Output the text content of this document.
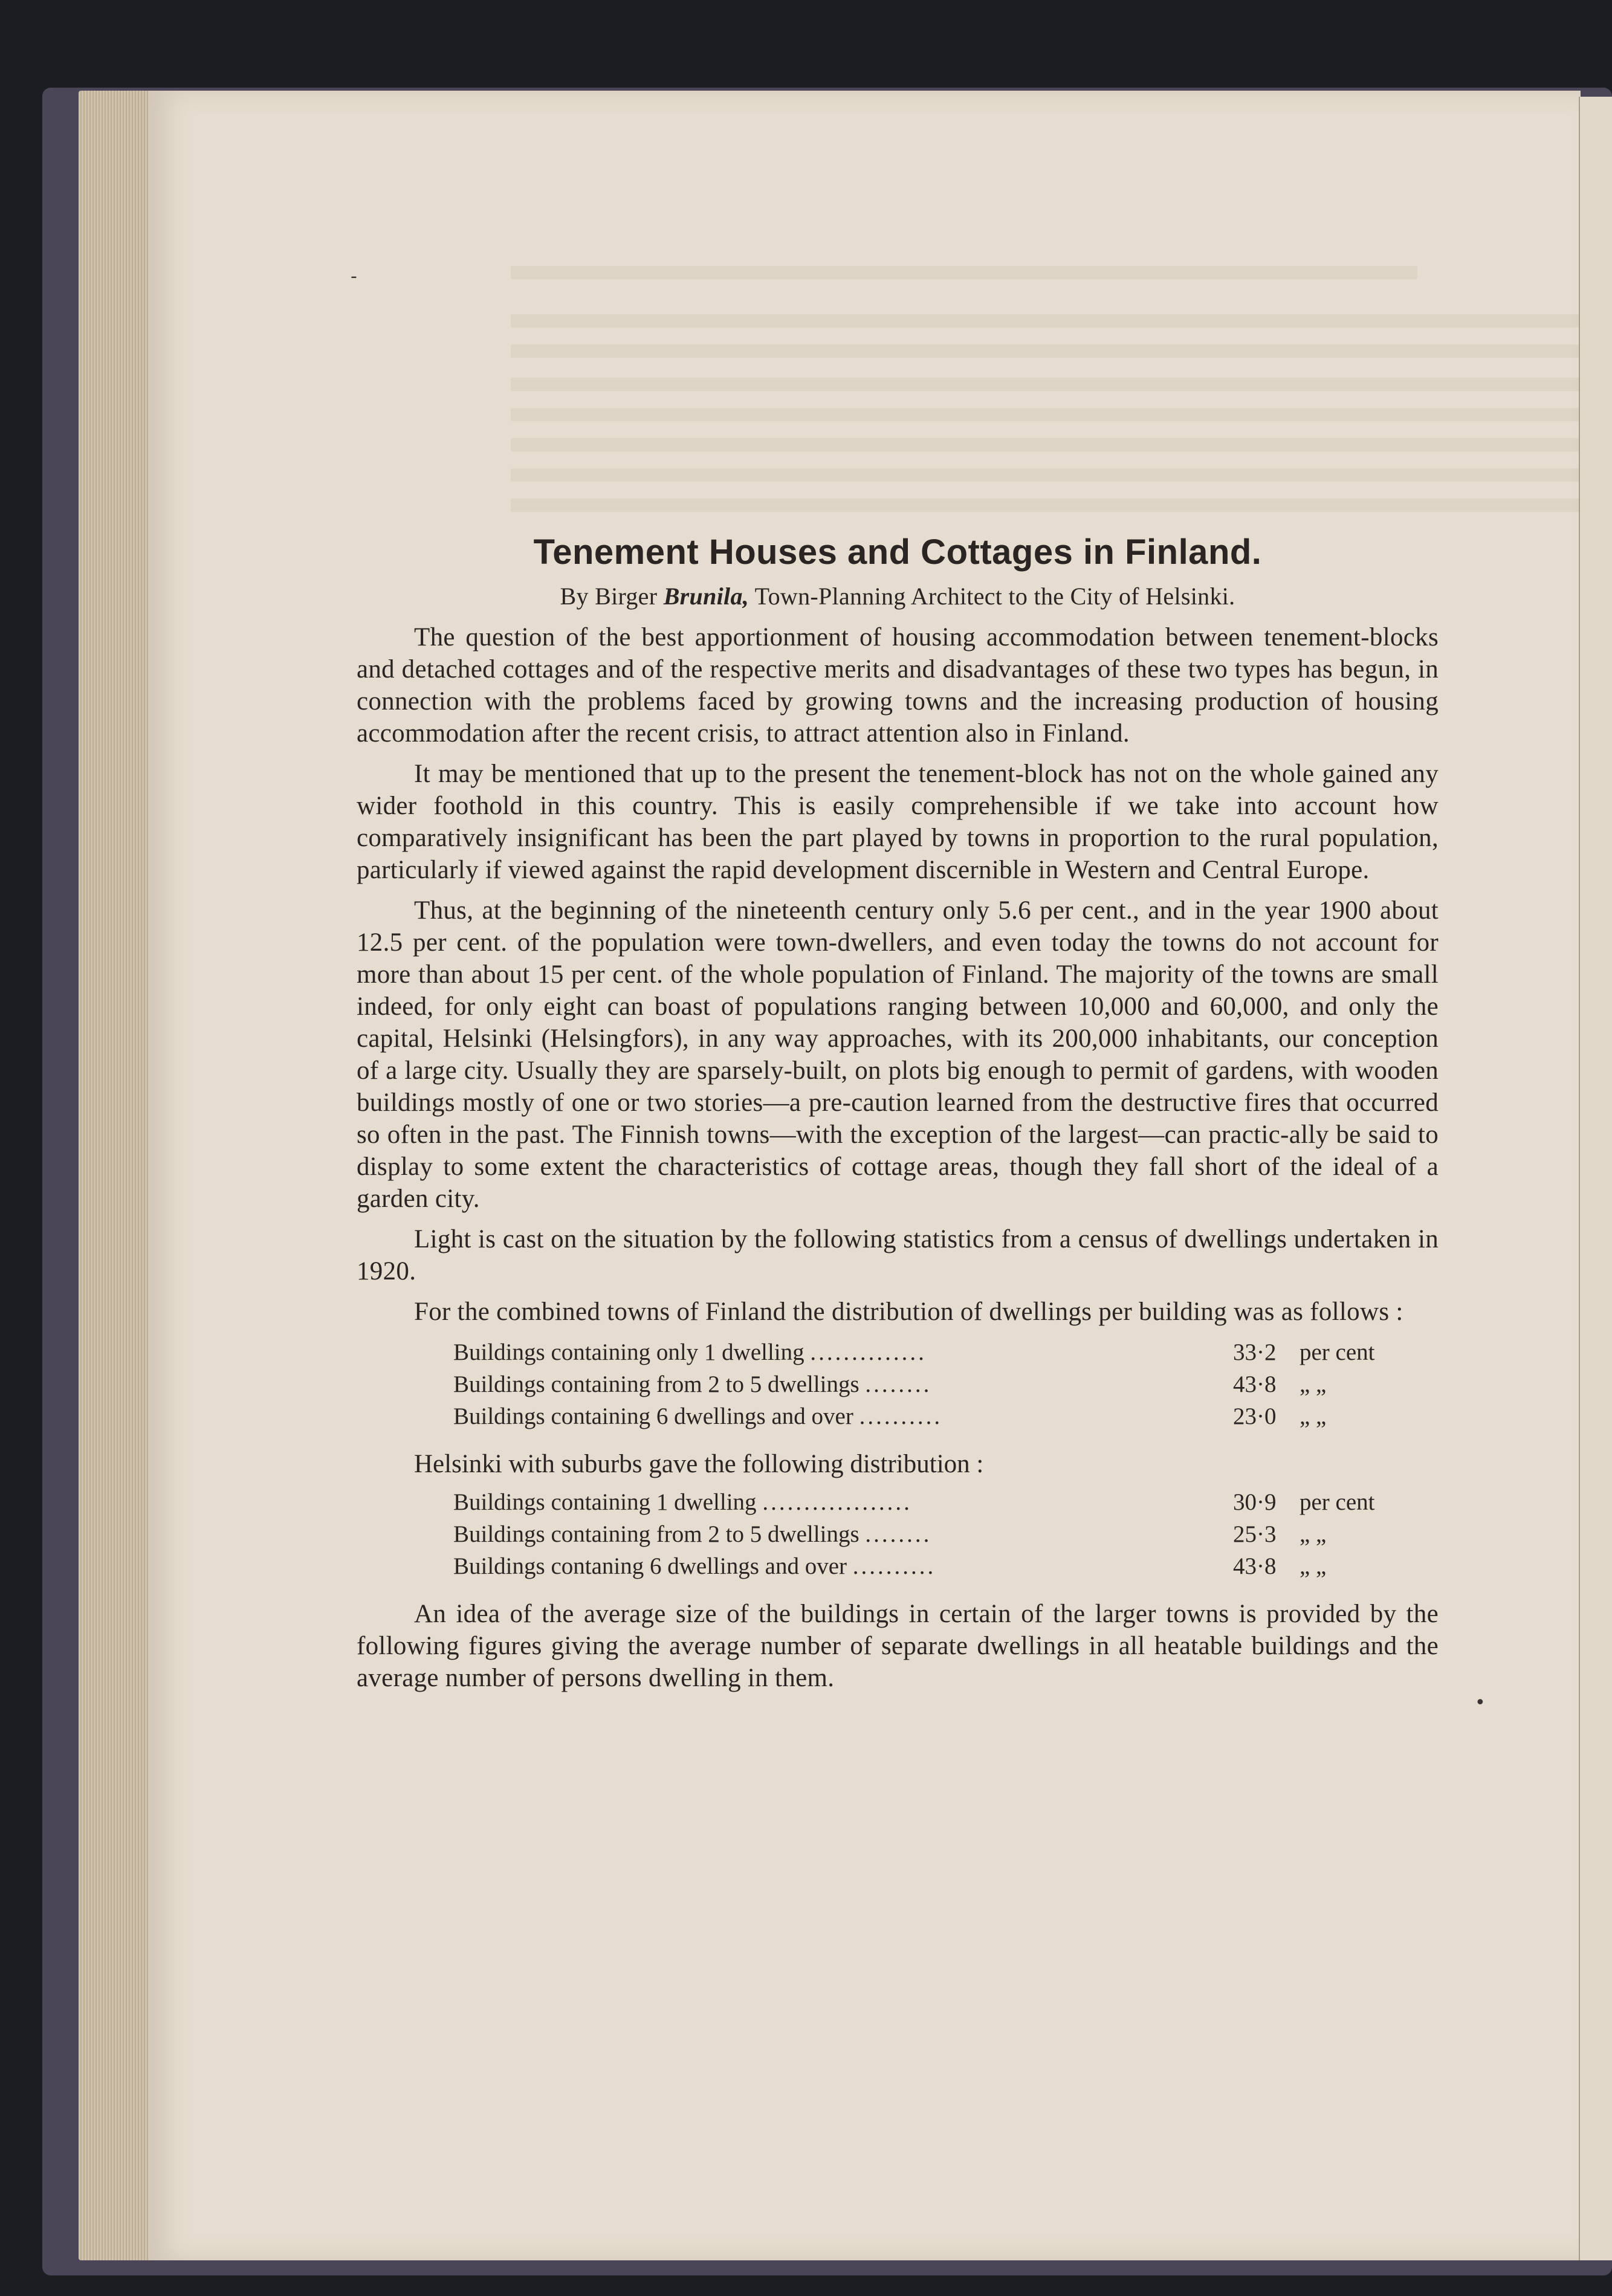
-
•
Tenement Houses and Cottages in Finland.

By Birger Brunila, Town-Planning Architect to the City of Helsinki.

The question of the best apportionment of housing accommodation between tenement-blocks and detached cottages and of the respective merits and disadvantages of these two types has begun, in connection with the problems faced by growing towns and the increasing production of housing accommodation after the recent crisis, to attract attention also in Finland.

It may be mentioned that up to the present the tenement-block has not on the whole gained any wider foothold in this country. This is easily comprehensible if we take into account how comparatively insignificant has been the part played by towns in proportion to the rural population, particularly if viewed against the rapid development discernible in Western and Central Europe.

Thus, at the beginning of the nineteenth century only 5.6 per cent., and in the year 1900 about 12.5 per cent. of the population were town-dwellers, and even today the towns do not account for more than about 15 per cent. of the whole population of Finland. The majority of the towns are small indeed, for only eight can boast of populations ranging between 10,000 and 60,000, and only the capital, Helsinki (Helsingfors), in any way approaches, with its 200,000 inhabitants, our conception of a large city. Usually they are sparsely-built, on plots big enough to permit of gardens, with wooden buildings mostly of one or two stories—a pre-caution learned from the destructive fires that occurred so often in the past. The Finnish towns—with the exception of the largest—can practic-ally be said to display to some extent the characteristics of cottage areas, though they fall short of the ideal of a garden city.

Light is cast on the situation by the following statistics from a census of dwellings undertaken in 1920.

For the combined towns of Finland the distribution of dwellings per building was as follows :

Buildings containing only 1 dwelling ..............	33·2 per cent
Buildings containing from 2 to 5 dwellings ........	43·8 „ „
Buildings containing 6 dwellings and over ..........	23·0 „ „

Helsinki with suburbs gave the following distribution :

Buildings containing 1 dwelling ..................	30·9 per cent
Buildings containing from 2 to 5 dwellings ........	25·3 „ „
Buildings contaning 6 dwellings and over ..........	43·8 „ „

An idea of the average size of the buildings in certain of the larger towns is provided by the following figures giving the average number of separate dwellings in all heatable buildings and the average number of persons dwelling in them.
